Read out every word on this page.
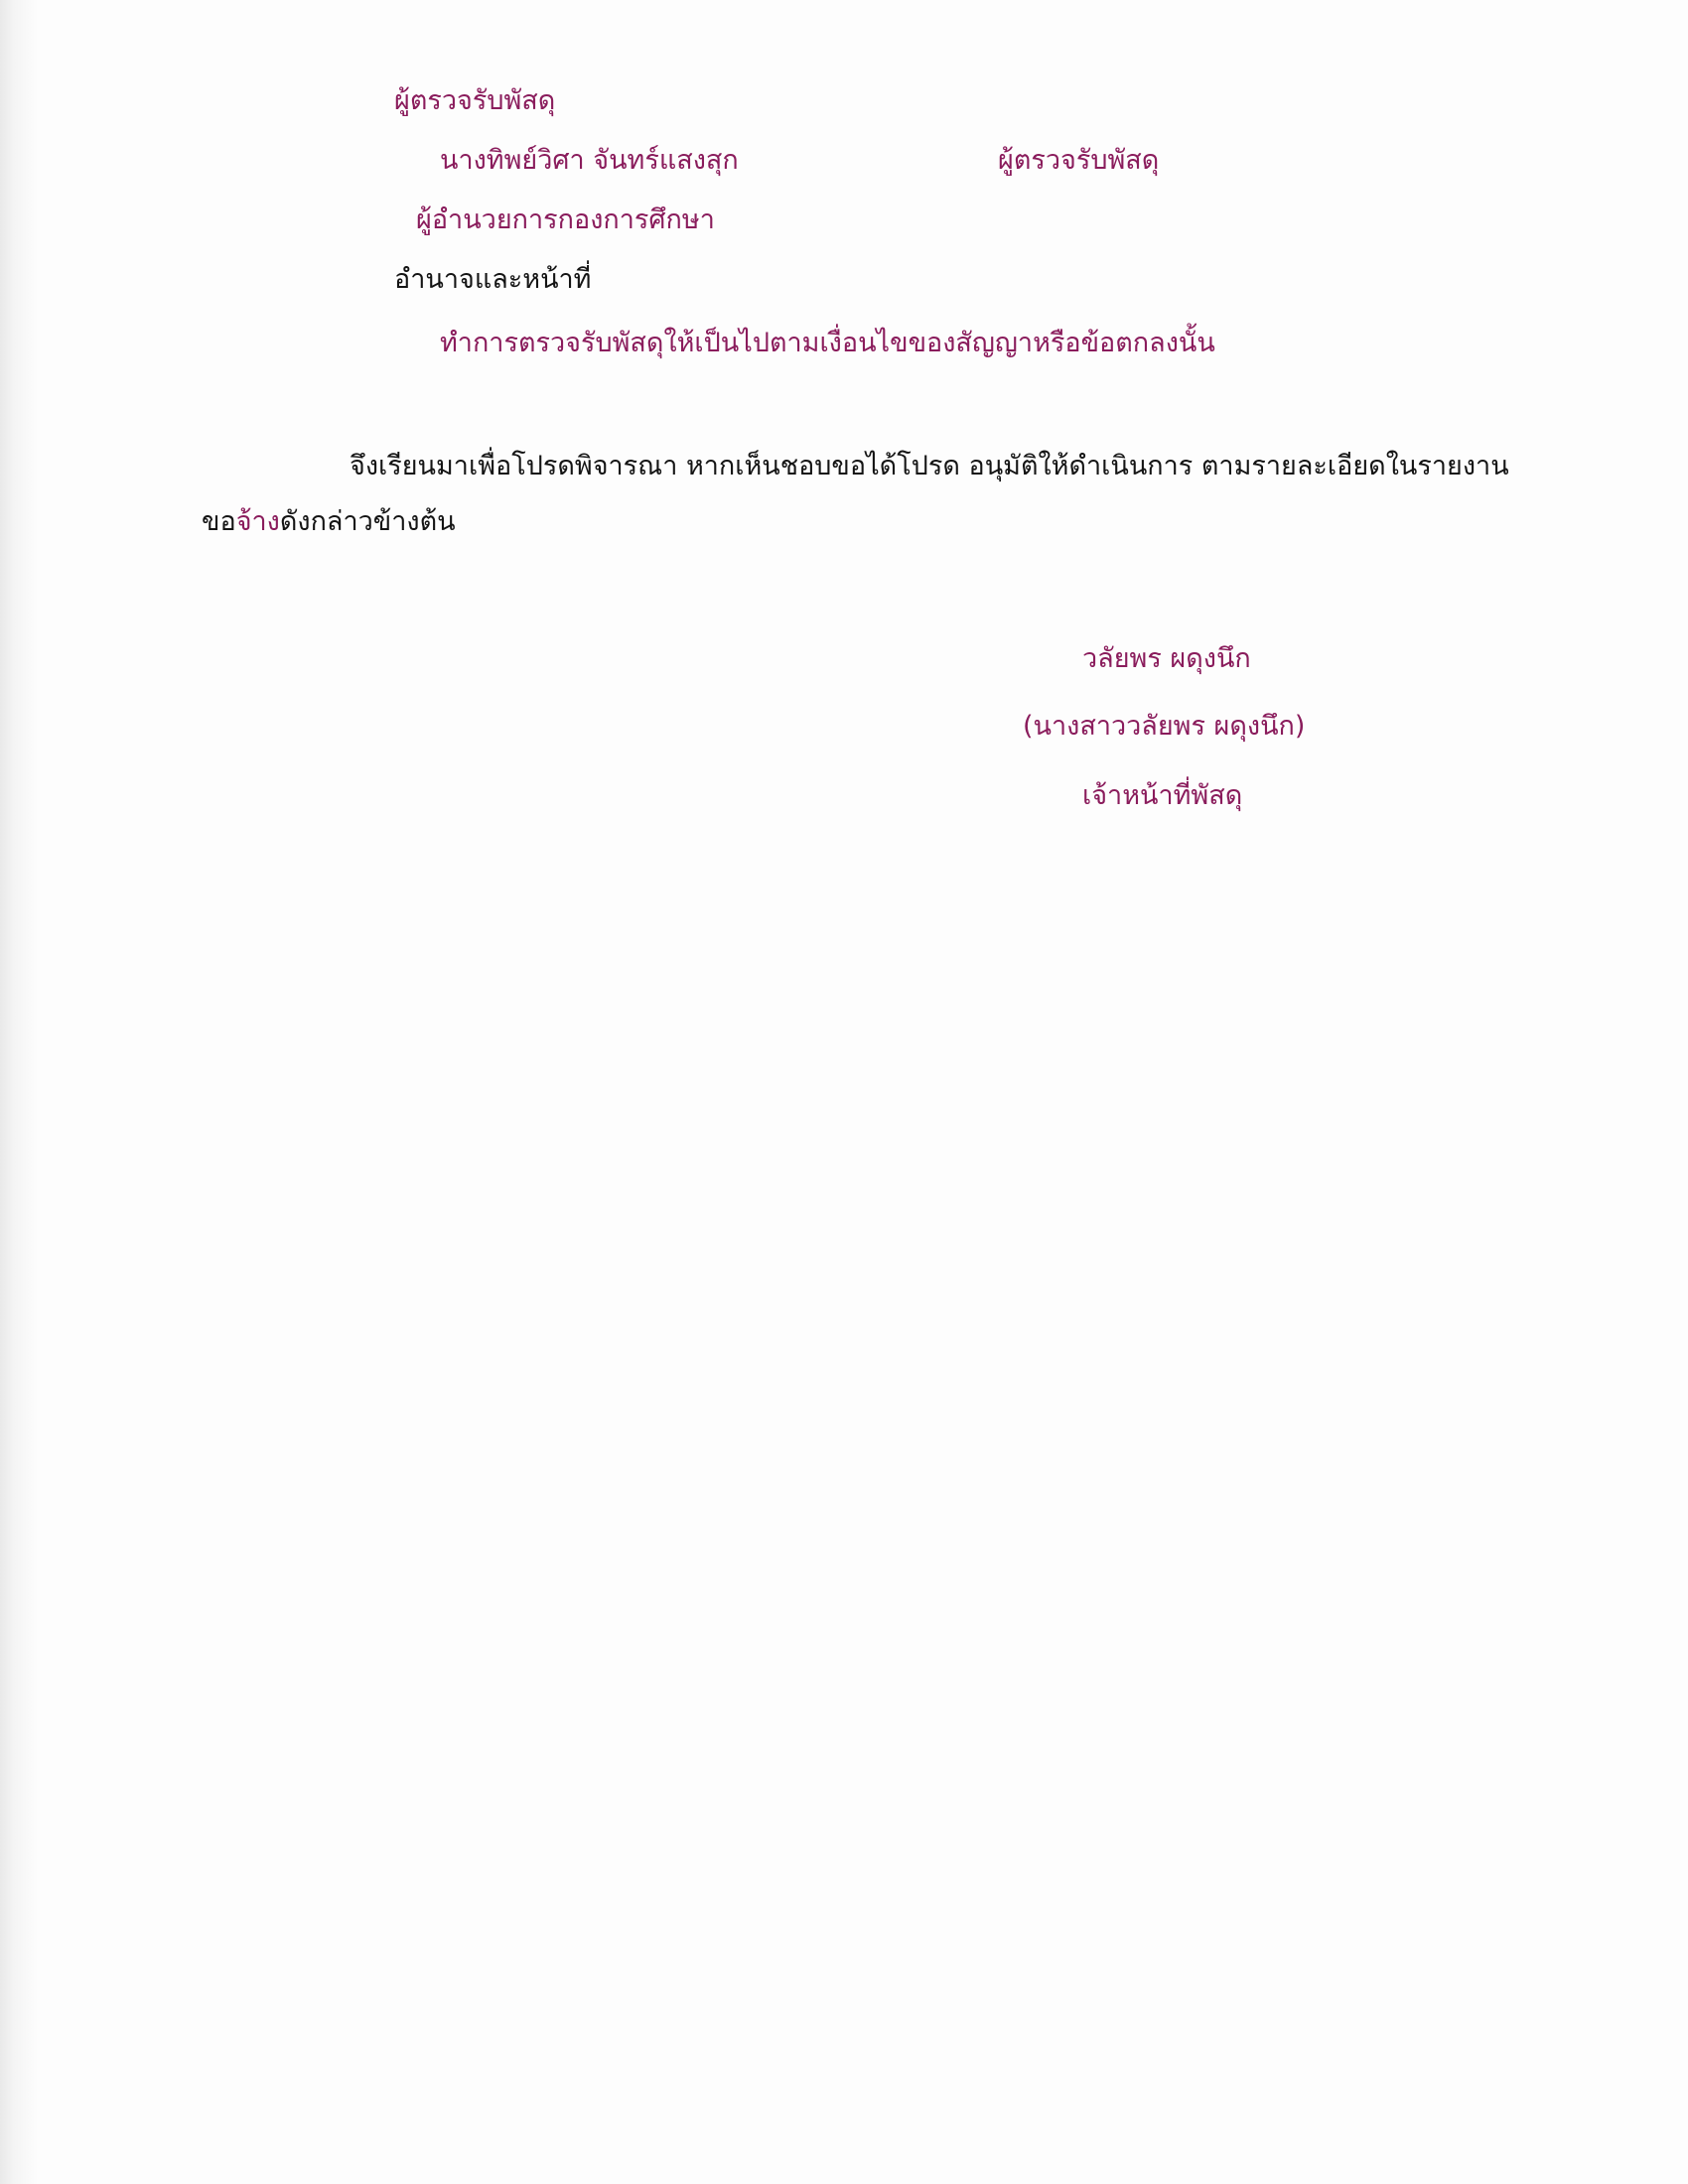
ผู้ตรวจรับพัสดุ
นางทิพย์วิศา จันทร์แสงสุก	ผู้ตรวจรับพัสดุ
ผู้อำนวยการกองการศึกษา
อำนาจและหน้าที่
ทำการตรวจรับพัสดุให้เป็นไปตามเงื่อนไขของสัญญาหรือข้อตกลงนั้น
จึงเรียนมาเพื่อโปรดพิจารณา หากเห็นชอบขอได้โปรด อนุมัติให้ดำเนินการ ตามรายละเอียดในรายงาน
ขอจ้างดังกล่าวข้างต้น
วลัยพร ผดุงนึก
(นางสาววลัยพร ผดุงนึก)
เจ้าหน้าที่พัสดุ
